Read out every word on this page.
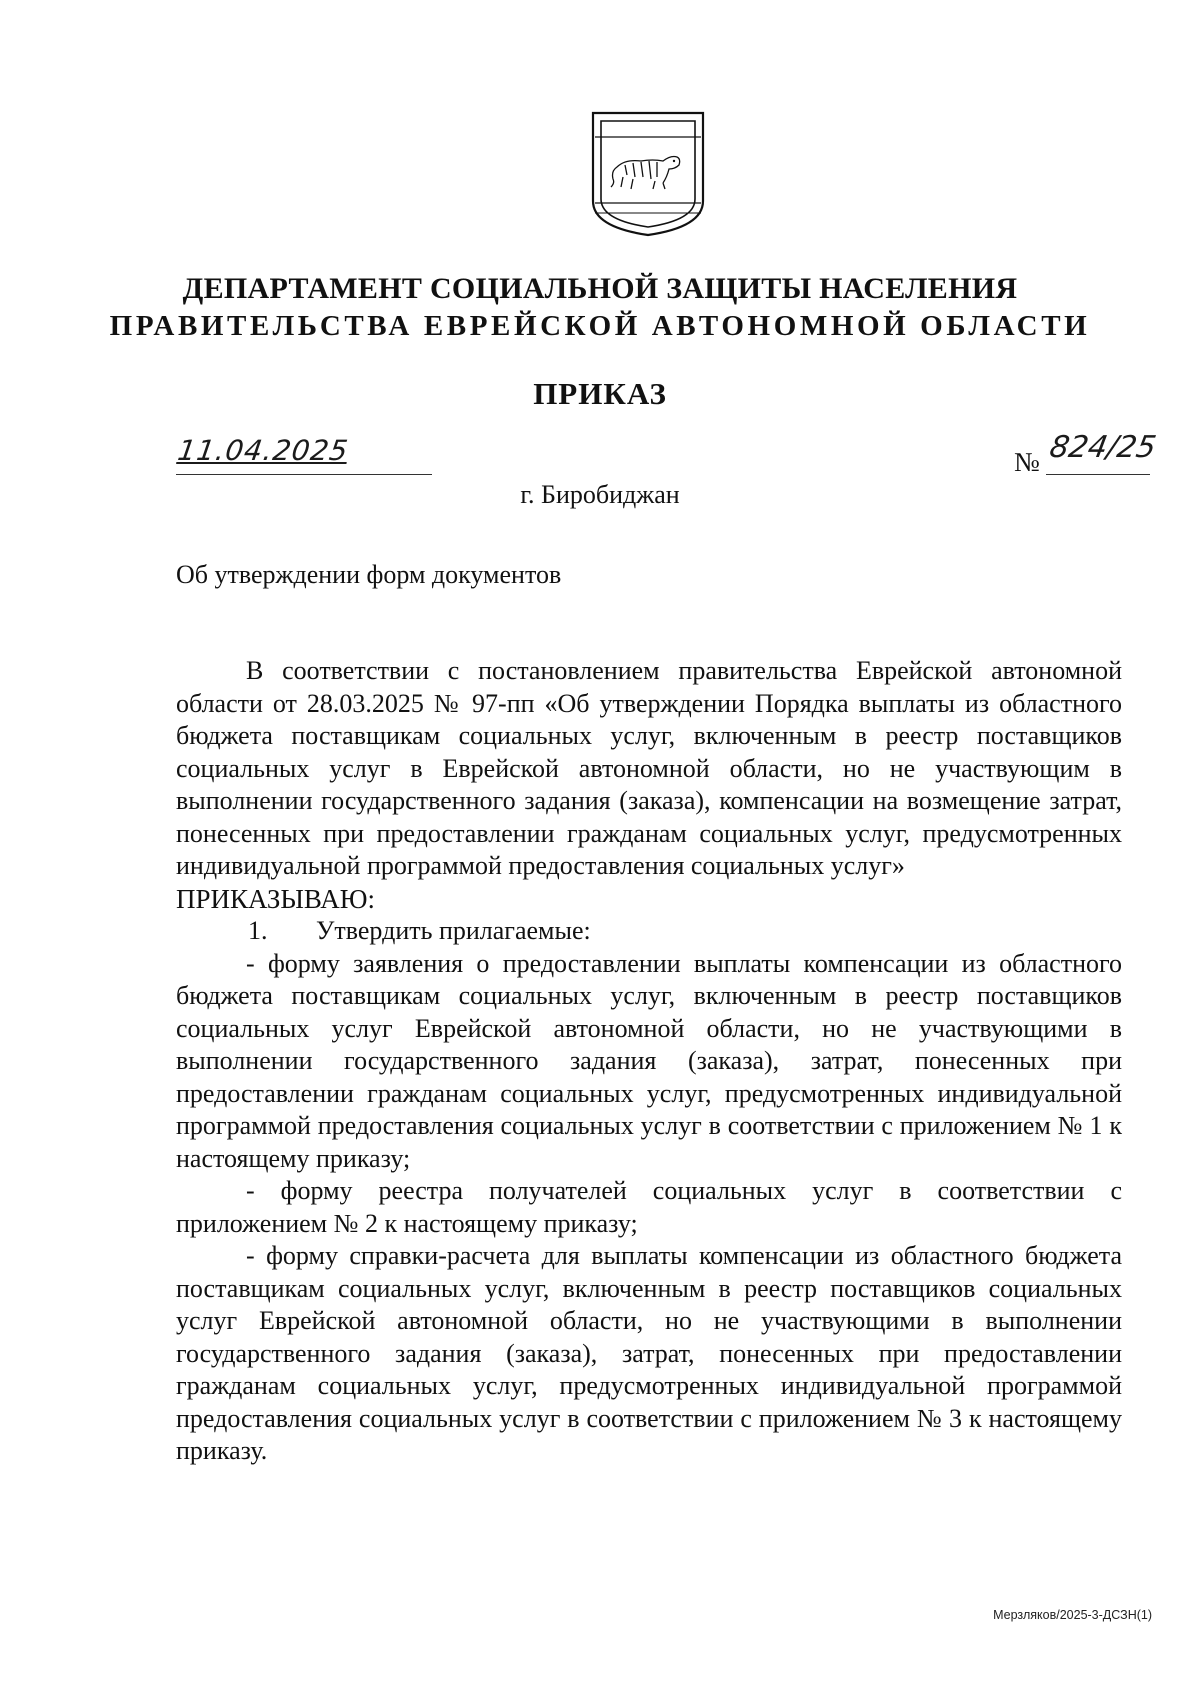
ДЕПАРТАМЕНТ СОЦИАЛЬНОЙ ЗАЩИТЫ НАСЕЛЕНИЯ
ПРАВИТЕЛЬСТВА ЕВРЕЙСКОЙ АВТОНОМНОЙ ОБЛАСТИ
ПРИКАЗ
11.04.2025	№ 824/25
г. Биробиджан
Об утверждении форм документов

В соответствии с постановлением правительства Еврейской автономной области от 28.03.2025 № 97-пп «Об утверждении Порядка выплаты из областного бюджета поставщикам социальных услуг, включенным в реестр поставщиков социальных услуг в Еврейской автономной области, но не участвующим в выполнении государственного задания (заказа), компенсации на возмещение затрат, понесенных при предоставлении гражданам социальных услуг, предусмотренных индивидуальной программой предоставления социальных услуг»

ПРИКАЗЫВАЮ:

1. Утвердить прилагаемые:

- форму заявления о предоставлении выплаты компенсации из областного бюджета поставщикам социальных услуг, включенным в реестр поставщиков социальных услуг Еврейской автономной области, но не участвующими в выполнении государственного задания (заказа), затрат, понесенных при предоставлении гражданам социальных услуг, предусмотренных индивидуальной программой предоставления социальных услуг в соответствии с приложением № 1 к настоящему приказу;

- форму реестра получателей социальных услуг в соответствии с приложением № 2 к настоящему приказу;

- форму справки-расчета для выплаты компенсации из областного бюджета поставщикам социальных услуг, включенным в реестр поставщиков социальных услуг Еврейской автономной области, но не участвующими в выполнении государственного задания (заказа), затрат, понесенных при предоставлении гражданам социальных услуг, предусмотренных индивидуальной программой предоставления социальных услуг в соответствии с приложением № 3 к настоящему приказу.

Мерзляков/2025-3-ДСЗН(1)
